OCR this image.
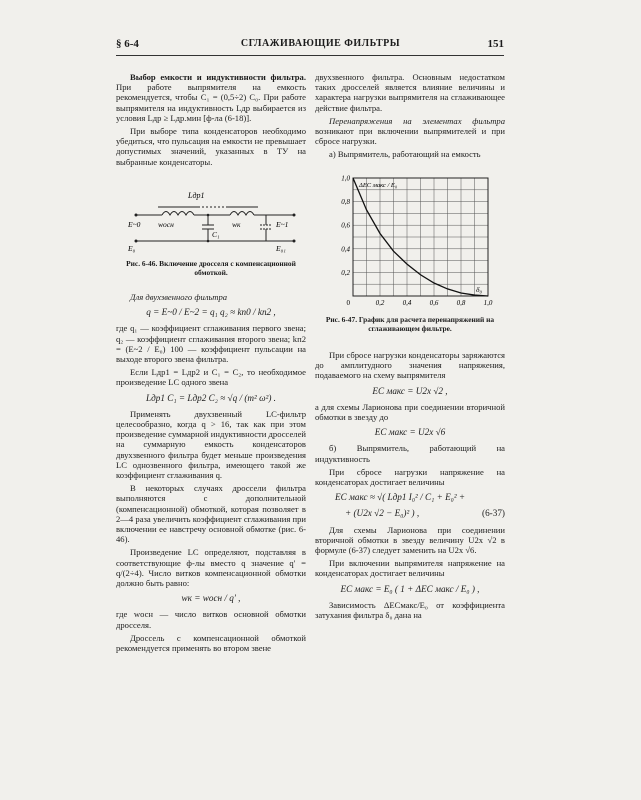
§ 6-4	СГЛАЖИВАЮЩИЕ ФИЛЬТРЫ	151

Выбор емкости и индуктивности фильтра. При работе выпрямителя на емкость рекомендуется, чтобы C₁ = (0,5÷2) C₀. При работе выпрямителя на индуктивность Lдр выбирается из условия Lдр ≥ Lдр.мин [ф-ла (6-18)].

При выборе типа конденсаторов необходимо убедиться, что пульсация на емкости не превышает допустимых значений, указанных в ТУ на выбранные конденсаторы.

Lдр1
E~0
E₀
wосн
C₁
wк	E~1
E₀₁
Рис. 6-46. Включение дросселя с компенсационной обмоткой.

Для двухзвенного фильтра

q = E~0 / E~2 = q₁ q₂ ≈ kп0 / kп2 ,

где q₁ — коэффициент сглаживания первого звена; q₂ — коэффициент сглаживания второго звена; kп2 = (E~2 / E₀) 100 — коэффициент пульсации на выходе второго звена фильтра.

Если Lдр1 = Lдр2 и C₁ = C₂, то необходимое произведение LC одного звена

Lдр1 C₁ = Lдр2 C₂ ≈ √q / (m² ω²) .

Применять двухзвенный LC-фильтр целесообразно, когда q > 16, так как при этом произведение суммарной индуктивности дросселей на суммарную емкость конденсаторов двухзвенного фильтра будет меньше произведения LC однозвенного фильтра, имеющего такой же коэффициент сглаживания q.

В некоторых случаях дроссели фильтра выполняются с дополнительной (компенсационной) обмоткой, которая позволяет в 2—4 раза увеличить коэффициент сглаживания при включении ее навстречу основной обмотке (рис. 6-46).

Произведение LC определяют, подставляя в соответствующие ф-лы вместо q значение q′ = q/(2÷4). Число витков компенсационной обмотки должно быть равно:

wк = wосн / q′ ,

где wосн — число витков основной обмотки дросселя.

Дроссель с компенсационной обмоткой рекомендуется применять во втором звене

двухзвенного фильтра. Основным недостатком таких дросселей является влияние величины и характера нагрузки выпрямителя на сглаживающее действие фильтра.

Перенапряжения на элементах фильтра возникают при включении выпрямителей и при сбросе нагрузки.

а) Выпрямитель, работающий на емкость

0,2	0,4	0,6	0,8	1,0
0,2
0,4
0,6
0,8
1,0
0
ΔEC макс / E₀
δ₀
Рис. 6-47. График для расчета перенапряжений на сглаживающем фильтре.

При сбросе нагрузки конденсаторы заряжаются до амплитудного значения напряжения, подаваемого на схему выпрямителя

EC макс = U2x √2 ,

а для схемы Ларионова при соединении вторичной обмотки в звезду до

EC макс = U2x √6

б) Выпрямитель, работающий на индуктивность

При сбросе нагрузки напряжение на конденсаторах достигает величины

EC макс ≈ √( Lдр1 I₀² / C₁ + E₀² +
+ (U2x √2 − E₀)² ) ,	(6-37)

Для схемы Ларионова при соединении вторичной обмотки в звезду величину U2x √2 в формуле (6-37) следует заменить на U2x √6.

При включении выпрямителя напряжение на конденсаторах достигает величины

EC макс = E₀ ( 1 + ΔEC макс / E₀ ) ,

Зависимость ΔECмакс/E₀ от коэффициента затухания фильтра δ₀ дана на
